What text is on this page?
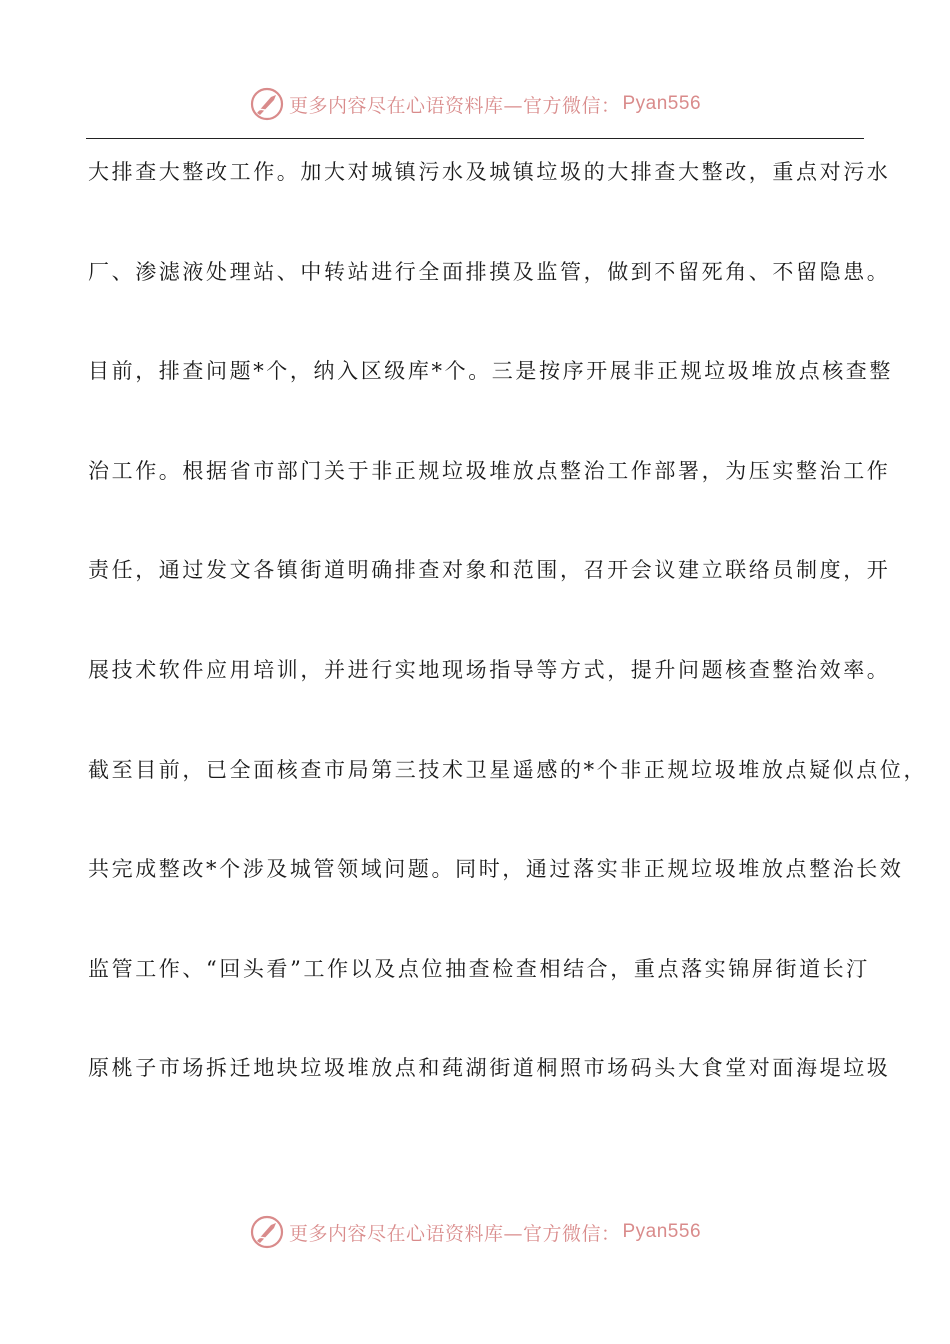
更多内容尽在心语资料库—官方微信： Pyan556
大排查大整改工作。加大对城镇污水及城镇垃圾的大排查大整改，重点对污水
厂、渗滤液处理站、中转站进行全面排摸及监管，做到不留死角、不留隐患。
目前，排查问题*个，纳入区级库*个。三是按序开展非正规垃圾堆放点核查整
治工作。根据省市部门关于非正规垃圾堆放点整治工作部署，为压实整治工作
责任，通过发文各镇街道明确排查对象和范围，召开会议建立联络员制度，开
展技术软件应用培训，并进行实地现场指导等方式，提升问题核查整治效率。
截至目前，已全面核查市局第三技术卫星遥感的*个非正规垃圾堆放点疑似点位，
共完成整改*个涉及城管领域问题。同时，通过落实非正规垃圾堆放点整治长效
监管工作、“回头看”工作以及点位抽查检查相结合，重点落实锦屏街道长汀
原桃子市场拆迁地块垃圾堆放点和莼湖街道桐照市场码头大食堂对面海堤垃圾
更多内容尽在心语资料库—官方微信： Pyan556
